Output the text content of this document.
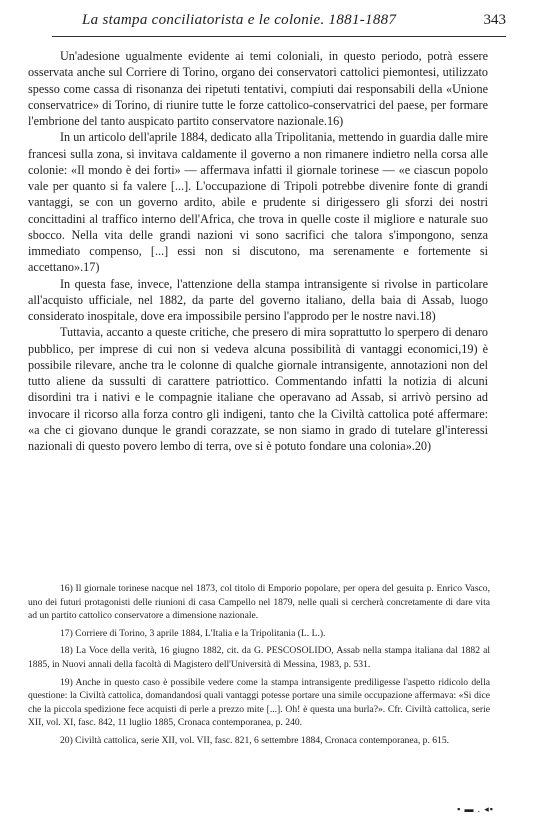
La stampa conciliatorista e le colonie. 1881-1887	343

Un'adesione ugualmente evidente ai temi coloniali, in questo periodo, potrà essere osservata anche sul Corriere di Torino, organo dei conservatori cattolici piemontesi, utilizzato spesso come cassa di risonanza dei ripetuti tentativi, compiuti dai responsabili della «Unione conservatrice» di Torino, di riunire tutte le forze cattolico-conservatrici del paese, per formare l'embrione del tanto auspicato partito conservatore nazionale.16)

In un articolo dell'aprile 1884, dedicato alla Tripolitania, mettendo in guardia dalle mire francesi sulla zona, si invitava caldamente il governo a non rimanere indietro nella corsa alle colonie: «Il mondo è dei forti» — affermava infatti il giornale torinese — «e ciascun popolo vale per quanto si fa valere [...]. L'occupazione di Tripoli potrebbe divenire fonte di grandi vantaggi, se con un governo ardito, abile e prudente si dirigessero gli sforzi dei nostri concittadini al traffico interno dell'Africa, che trova in quelle coste il migliore e naturale suo sbocco. Nella vita delle grandi nazioni vi sono sacrifici che talora s'impongono, senza immediato compenso, [...] essi non si discutono, ma serenamente e fortemente si accettano».17)

In questa fase, invece, l'attenzione della stampa intransigente si rivolse in particolare all'acquisto ufficiale, nel 1882, da parte del governo italiano, della baia di Assab, luogo considerato inospitale, dove era impossibile persino l'approdo per le nostre navi.18)

Tuttavia, accanto a queste critiche, che presero di mira soprattutto lo sperpero di denaro pubblico, per imprese di cui non si vedeva alcuna possibilità di vantaggi economici,19) è possibile rilevare, anche tra le colonne di qualche giornale intransigente, annotazioni non del tutto aliene da sussulti di carattere patriottico. Commentando infatti la notizia di alcuni disordini tra i nativi e le compagnie italiane che operavano ad Assab, si arrivò persino ad invocare il ricorso alla forza contro gli indigeni, tanto che la Civiltà cattolica poté affermare: «a che ci giovano dunque le grandi corazzate, se non siamo in grado di tutelare gl'interessi nazionali di questo povero lembo di terra, ove si è potuto fondare una colonia».20)

16) Il giornale torinese nacque nel 1873, col titolo di Emporio popolare, per opera del gesuita p. Enrico Vasco, uno dei futuri protagonisti delle riunioni di casa Campello nel 1879, nelle quali si cercherà concretamente di dare vita ad un partito cattolico conservatore a dimensione nazionale.

17) Corriere di Torino, 3 aprile 1884, L'Italia e la Tripolitania (L. L.).

18) La Voce della verità, 16 giugno 1882, cit. da G. PESCOSOLIDO, Assab nella stampa italiana dal 1882 al 1885, in Nuovi annali della facoltà di Magistero dell'Università di Messina, 1983, p. 531.

19) Anche in questo caso è possibile vedere come la stampa intransigente prediligesse l'aspetto ridicolo della questione: la Civiltà cattolica, domandandosi quali vantaggi potesse portare una simile occupazione affermava: «Si dice che la piccola spedizione fece acquisti di perle a prezzo mite [...]. Oh! è questa una burla?». Cfr. Civiltà cattolica, serie XII, vol. XI, fasc. 842, 11 luglio 1885, Cronaca contemporanea, p. 240.

20) Civiltà cattolica, serie XII, vol. VII, fasc. 821, 6 settembre 1884, Cronaca contemporanea, p. 615.

▪ ▬ . ◂▪
